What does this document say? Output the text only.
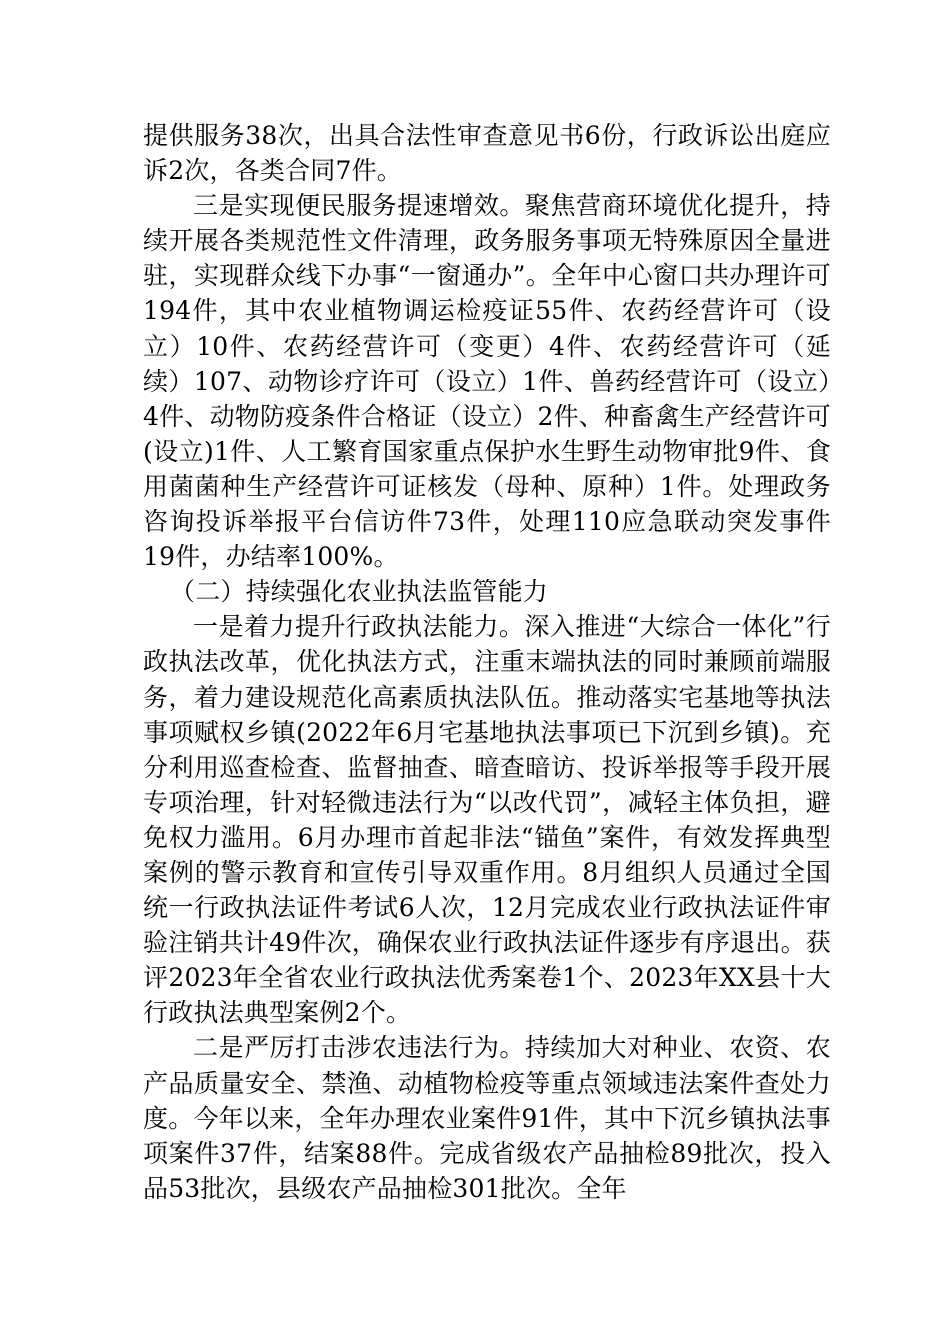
提供服务38次，出具合法性审查意见书6份，行政诉讼出庭应诉2次，各类合同7件。

三是实现便民服务提速增效。聚焦营商环境优化提升，持续开展各类规范性文件清理，政务服务事项无特殊原因全量进驻，实现群众线下办事“一窗通办”。全年中心窗口共办理许可194件，其中农业植物调运检疫证55件、农药经营许可（设立）10件、农药经营许可（变更）4件、农药经营许可（延续）107、动物诊疗许可（设立）1件、兽药经营许可（设立）4件、动物防疫条件合格证（设立）2件、种畜禽生产经营许可(设立)1件、人工繁育国家重点保护水生野生动物审批9件、食用菌菌种生产经营许可证核发（母种、原种）1件。处理政务咨询投诉举报平台信访件73件，处理110应急联动突发事件19件，办结率100%。

（二）持续强化农业执法监管能力

一是着力提升行政执法能力。深入推进“大综合一体化”行政执法改革，优化执法方式，注重末端执法的同时兼顾前端服务，着力建设规范化高素质执法队伍。推动落实宅基地等执法事项赋权乡镇(2022年6月宅基地执法事项已下沉到乡镇)。充分利用巡查检查、监督抽查、暗查暗访、投诉举报等手段开展专项治理，针对轻微违法行为“以改代罚”，减轻主体负担，避免权力滥用。6月办理市首起非法“锚鱼”案件，有效发挥典型案例的警示教育和宣传引导双重作用。8月组织人员通过全国统一行政执法证件考试6人次，12月完成农业行政执法证件审验注销共计49件次，确保农业行政执法证件逐步有序退出。获评2023年全省农业行政执法优秀案卷1个、2023年XX县十大行政执法典型案例2个。

二是严厉打击涉农违法行为。持续加大对种业、农资、农产品质量安全、禁渔、动植物检疫等重点领域违法案件查处力度。今年以来，全年办理农业案件91件，其中下沉乡镇执法事项案件37件，结案88件。完成省级农产品抽检89批次，投入品53批次，县级农产品抽检301批次。全年
